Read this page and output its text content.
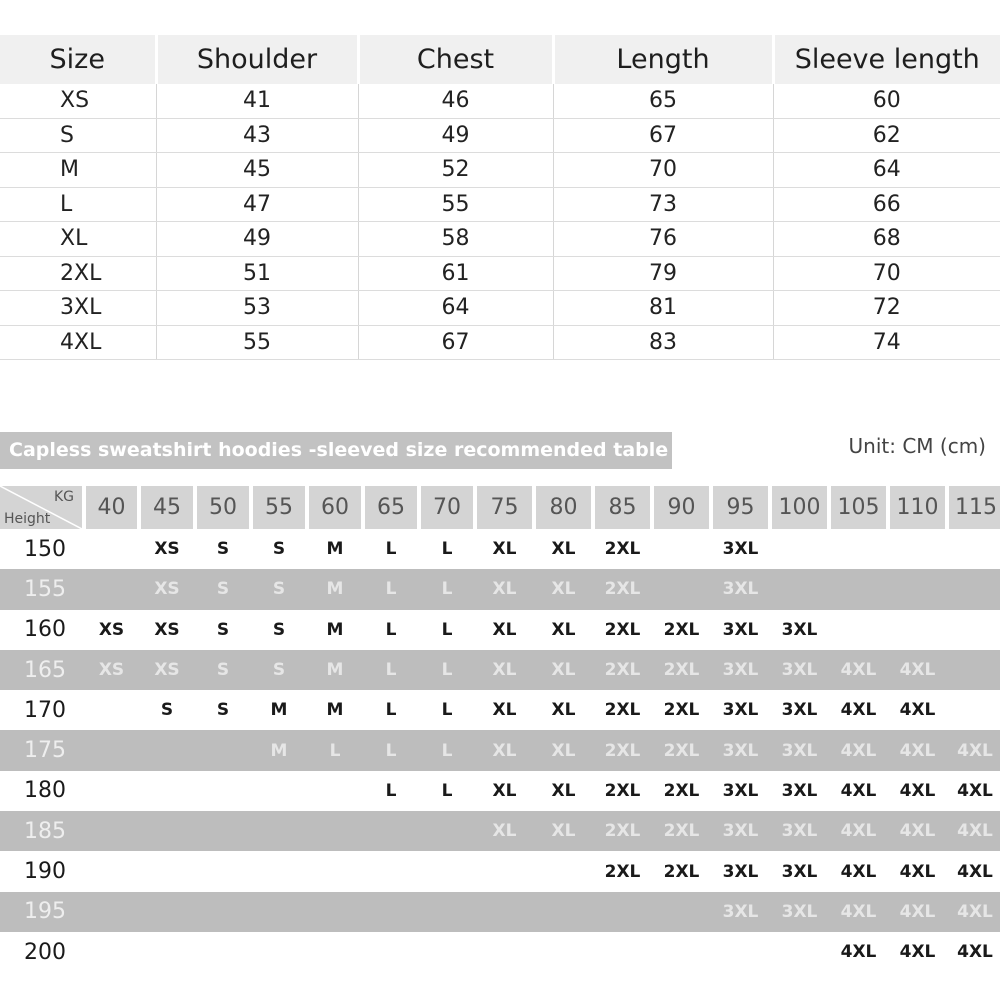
Size	Shoulder	Chest	Length	Sleeve length
XS	41	46	65	60
S	43	49	67	62
M	45	52	70	64
L	47	55	73	66
XL	49	58	76	68
2XL	51	61	79	70
3XL	53	64	81	72
4XL	55	67	83	74
Capless sweatshirt hoodies -sleeved size recommended table	Unit: CM (cm)
KG
Height	40	45	50	55	60	65	70	75	80	85	90	95	100	105	110	115
150		XS	S	S	M	L	L	XL	XL	2XL		3XL				
155		XS	S	S	M	L	L	XL	XL	2XL		3XL				
160	XS	XS	S	S	M	L	L	XL	XL	2XL	2XL	3XL	3XL			
165	XS	XS	S	S	M	L	L	XL	XL	2XL	2XL	3XL	3XL	4XL	4XL	
170		S	S	M	M	L	L	XL	XL	2XL	2XL	3XL	3XL	4XL	4XL	
175				M	L	L	L	XL	XL	2XL	2XL	3XL	3XL	4XL	4XL	4XL
180						L	L	XL	XL	2XL	2XL	3XL	3XL	4XL	4XL	4XL
185								XL	XL	2XL	2XL	3XL	3XL	4XL	4XL	4XL
190										2XL	2XL	3XL	3XL	4XL	4XL	4XL
195												3XL	3XL	4XL	4XL	4XL
200														4XL	4XL	4XL
